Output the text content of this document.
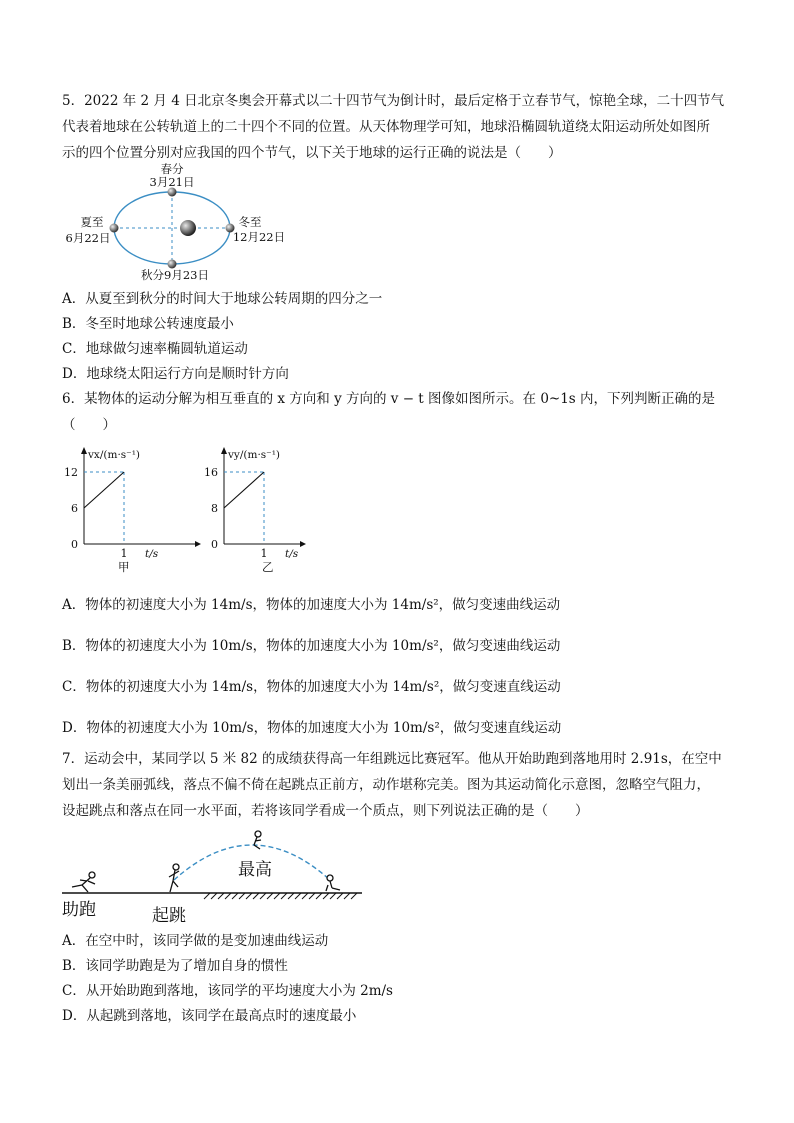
5．2022 年 2 月 4 日北京冬奥会开幕式以二十四节气为倒计时，最后定格于立春节气，惊艳全球，二十四节气
代表着地球在公转轨道上的二十四个不同的位置。从天体物理学可知，地球沿椭圆轨道绕太阳运动所处如图所
示的四个位置分别对应我国的四个节气，以下关于地球的运行正确的说法是（　　）
春分
3月21日
夏至
6月22日
冬至
12月22日
秋分9月23日
A．从夏至到秋分的时间大于地球公转周期的四分之一
B．冬至时地球公转速度最小
C．地球做匀速率椭圆轨道运动
D．地球绕太阳运行方向是顺时针方向
6．某物体的运动分解为相互垂直的 x 方向和 y 方向的 v − t 图像如图所示。在 0~1s 内，下列判断正确的是
（　　）
vx/(m·s⁻¹)
12
6
0
1 t/s
甲
vy/(m·s⁻¹)
16
8
0
1 t/s
乙
A．物体的初速度大小为 14m/s，物体的加速度大小为 14m/s²，做匀变速曲线运动
B．物体的初速度大小为 10m/s，物体的加速度大小为 10m/s²，做匀变速曲线运动
C．物体的初速度大小为 14m/s，物体的加速度大小为 14m/s²，做匀变速直线运动
D．物体的初速度大小为 10m/s，物体的加速度大小为 10m/s²，做匀变速直线运动
7．运动会中，某同学以 5 米 82 的成绩获得高一年组跳远比赛冠军。他从开始助跑到落地用时 2.91s，在空中
划出一条美丽弧线，落点不偏不倚在起跳点正前方，动作堪称完美。图为其运动简化示意图，忽略空气阻力，
设起跳点和落点在同一水平面，若将该同学看成一个质点，则下列说法正确的是（　　）
最高
助跑	起跳
A．在空中时，该同学做的是变加速曲线运动
B．该同学助跑是为了增加自身的惯性
C．从开始助跑到落地，该同学的平均速度大小为 2m/s
D．从起跳到落地，该同学在最高点时的速度最小
